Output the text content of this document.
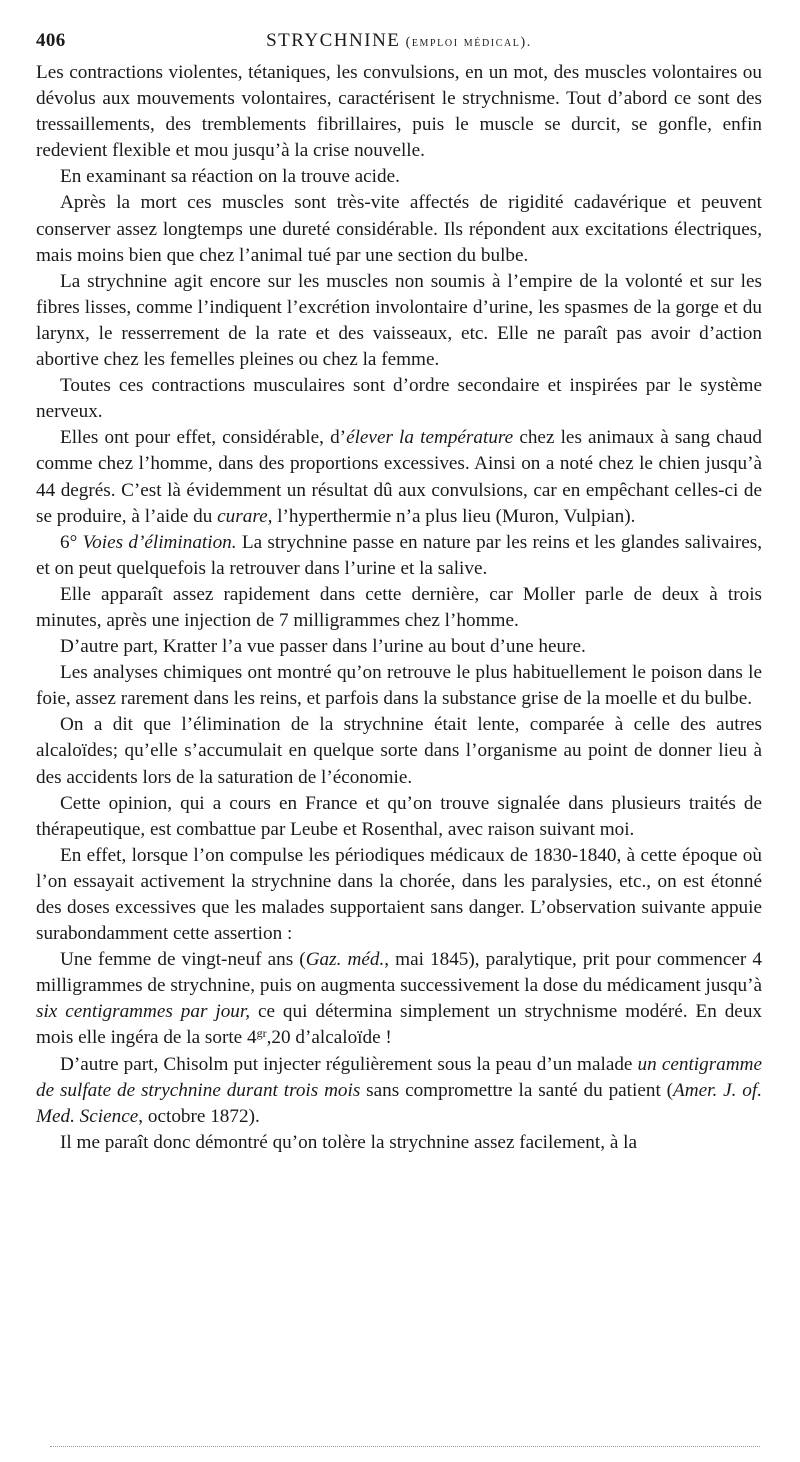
406	STRYCHNINE (emploi médical).

Les contractions violentes, tétaniques, les convulsions, en un mot, des muscles volontaires ou dévolus aux mouvements volontaires, caractérisent le strychnisme. Tout d’abord ce sont des tressaillements, des tremblements fibrillaires, puis le muscle se durcit, se gonfle, enfin redevient flexible et mou jusqu’à la crise nouvelle.

En examinant sa réaction on la trouve acide.

Après la mort ces muscles sont très-vite affectés de rigidité cadavérique et peuvent conserver assez longtemps une dureté considérable. Ils répondent aux excitations électriques, mais moins bien que chez l’animal tué par une section du bulbe.

La strychnine agit encore sur les muscles non soumis à l’empire de la volonté et sur les fibres lisses, comme l’indiquent l’excrétion involontaire d’urine, les spasmes de la gorge et du larynx, le resserrement de la rate et des vaisseaux, etc. Elle ne paraît pas avoir d’action abortive chez les femelles pleines ou chez la femme.

Toutes ces contractions musculaires sont d’ordre secondaire et inspirées par le système nerveux.

Elles ont pour effet, considérable, d’élever la température chez les animaux à sang chaud comme chez l’homme, dans des proportions excessives. Ainsi on a noté chez le chien jusqu’à 44 degrés. C’est là évidemment un résultat dû aux convulsions, car en empêchant celles-ci de se produire, à l’aide du curare, l’hyperthermie n’a plus lieu (Muron, Vulpian).

6° Voies d’élimination. La strychnine passe en nature par les reins et les glandes salivaires, et on peut quelquefois la retrouver dans l’urine et la salive.

Elle apparaît assez rapidement dans cette dernière, car Moller parle de deux à trois minutes, après une injection de 7 milligrammes chez l’homme.

D’autre part, Kratter l’a vue passer dans l’urine au bout d’une heure.

Les analyses chimiques ont montré qu’on retrouve le plus habituellement le poison dans le foie, assez rarement dans les reins, et parfois dans la substance grise de la moelle et du bulbe.

On a dit que l’élimination de la strychnine était lente, comparée à celle des autres alcaloïdes; qu’elle s’accumulait en quelque sorte dans l’organisme au point de donner lieu à des accidents lors de la saturation de l’économie.

Cette opinion, qui a cours en France et qu’on trouve signalée dans plusieurs traités de thérapeutique, est combattue par Leube et Rosenthal, avec raison suivant moi.

En effet, lorsque l’on compulse les périodiques médicaux de 1830-1840, à cette époque où l’on essayait activement la strychnine dans la chorée, dans les paralysies, etc., on est étonné des doses excessives que les malades supportaient sans danger. L’observation suivante appuie surabondamment cette assertion :

Une femme de vingt-neuf ans (Gaz. méd., mai 1845), paralytique, prit pour commencer 4 milligrammes de strychnine, puis on augmenta successivement la dose du médicament jusqu’à six centigrammes par jour, ce qui détermina simplement un strychnisme modéré. En deux mois elle ingéra de la sorte $4^{gr},20$ d’alcaloïde !

D’autre part, Chisolm put injecter régulièrement sous la peau d’un malade un centigramme de sulfate de strychnine durant trois mois sans compromettre la santé du patient (Amer. J. of. Med. Science, octobre 1872).

Il me paraît donc démontré qu’on tolère la strychnine assez facilement, à la
